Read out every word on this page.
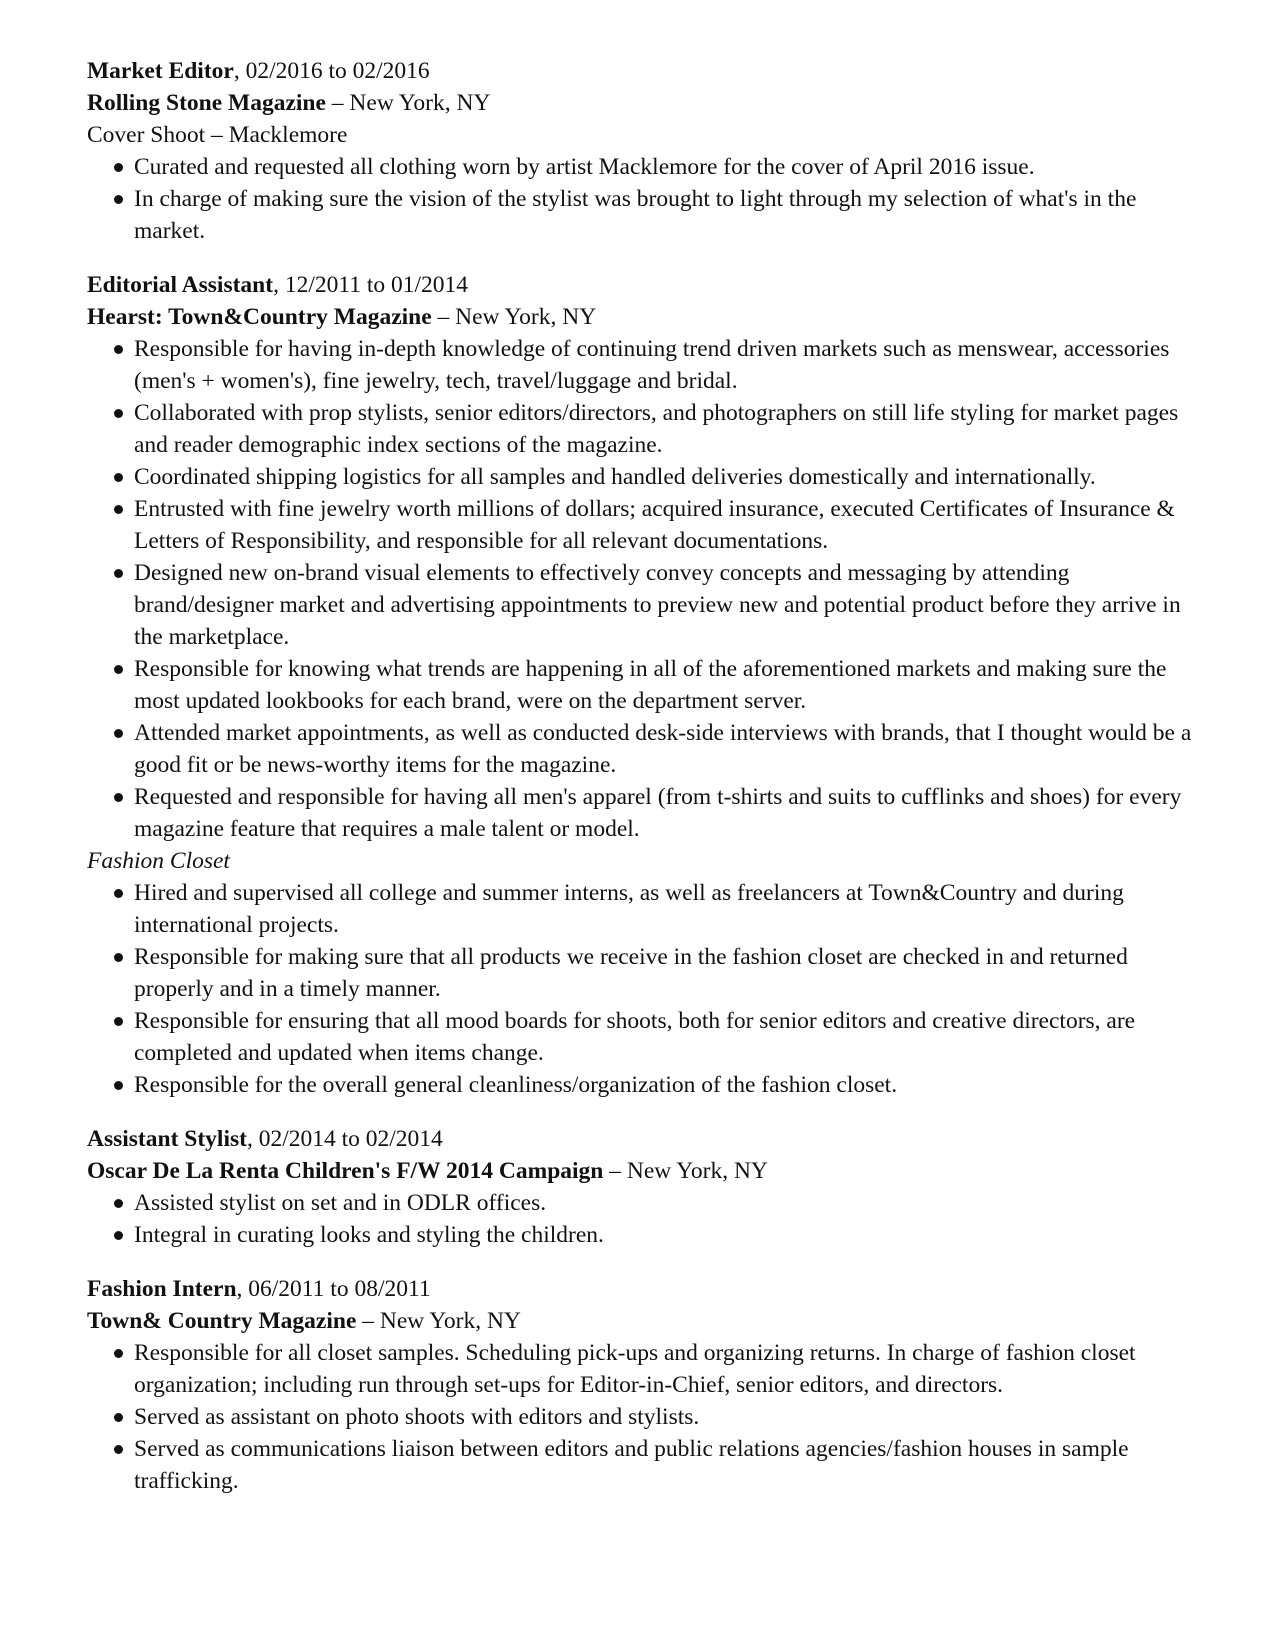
Market Editor, 02/2016 to 02/2016
Rolling Stone Magazine – New York, NY
Cover Shoot – Macklemore
Curated and requested all clothing worn by artist Macklemore for the cover of April 2016 issue.
In charge of making sure the vision of the stylist was brought to light through my selection of what's in the market.
Editorial Assistant, 12/2011 to 01/2014
Hearst: Town&Country Magazine – New York, NY
Responsible for having in-depth knowledge of continuing trend driven markets such as menswear, accessories (men's + women's), fine jewelry, tech, travel/luggage and bridal.
Collaborated with prop stylists, senior editors/directors, and photographers on still life styling for market pages and reader demographic index sections of the magazine.
Coordinated shipping logistics for all samples and handled deliveries domestically and internationally.
Entrusted with fine jewelry worth millions of dollars; acquired insurance, executed Certificates of Insurance & Letters of Responsibility, and responsible for all relevant documentations.
Designed new on-brand visual elements to effectively convey concepts and messaging by attending brand/designer market and advertising appointments to preview new and potential product before they arrive in the marketplace.
Responsible for knowing what trends are happening in all of the aforementioned markets and making sure the most updated lookbooks for each brand, were on the department server.
Attended market appointments, as well as conducted desk-side interviews with brands, that I thought would be a good fit or be news-worthy items for the magazine.
Requested and responsible for having all men's apparel (from t-shirts and suits to cufflinks and shoes) for every magazine feature that requires a male talent or model.
Fashion Closet
Hired and supervised all college and summer interns, as well as freelancers at Town&Country and during international projects.
Responsible for making sure that all products we receive in the fashion closet are checked in and returned properly and in a timely manner.
Responsible for ensuring that all mood boards for shoots, both for senior editors and creative directors, are completed and updated when items change.
Responsible for the overall general cleanliness/organization of the fashion closet.
Assistant Stylist, 02/2014 to 02/2014
Oscar De La Renta Children's F/W 2014 Campaign – New York, NY
Assisted stylist on set and in ODLR offices.
Integral in curating looks and styling the children.
Fashion Intern, 06/2011 to 08/2011
Town& Country Magazine – New York, NY
Responsible for all closet samples. Scheduling pick-ups and organizing returns. In charge of fashion closet organization; including run through set-ups for Editor-in-Chief, senior editors, and directors.
Served as assistant on photo shoots with editors and stylists.
Served as communications liaison between editors and public relations agencies/fashion houses in sample trafficking.
